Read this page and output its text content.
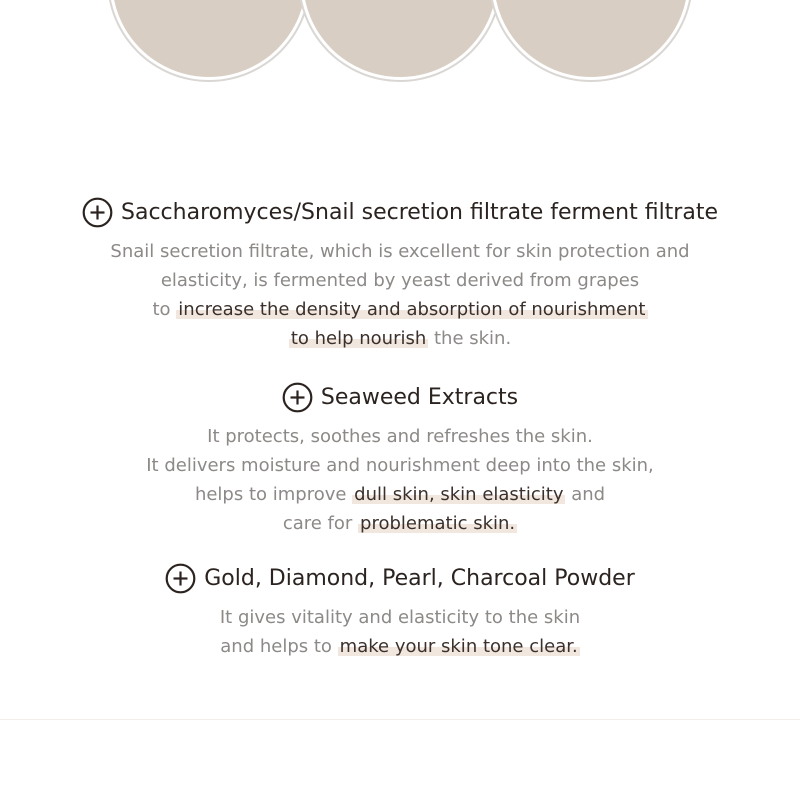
Saccharomyces/Snail secretion filtrate ferment filtrate
Snail secretion filtrate, which is excellent for skin protection and
elasticity, is fermented by yeast derived from grapes
to increase the density and absorption of nourishment
to help nourish the skin.
Seaweed Extracts
It protects, soothes and refreshes the skin.
It delivers moisture and nourishment deep into the skin,
helps to improve dull skin, skin elasticity and
care for problematic skin.
Gold, Diamond, Pearl, Charcoal Powder
It gives vitality and elasticity to the skin
and helps to make your skin tone clear.
